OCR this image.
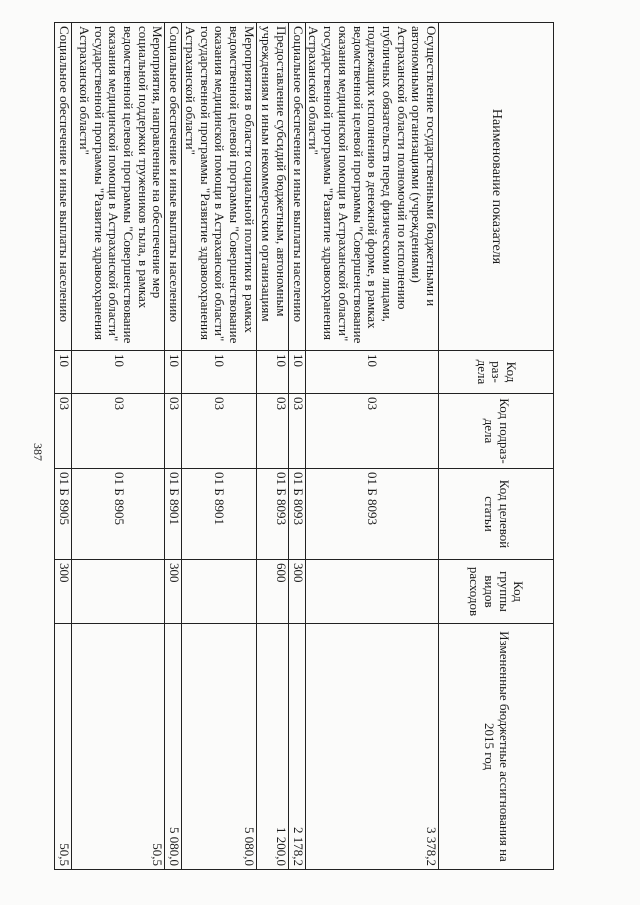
387
Наименование показателя	Код раз-дела	Код подраз-дела	Код целевой статьи	Код группы видов расходов	Измененные бюджетные ассигнования на 2015 год
Осуществление государственными бюджетными и автономными организациями (учреждениями) Астраханской области полномочий по исполнению публичных обязательств перед физическими лицами, подлежащих исполнению в денежной форме, в рамках ведомственной целевой программы "Совершенствование оказания медицинской помощи в Астраханской области" государственной программы "Развитие здравоохранения Астраханской области"	10	03	01 Б 8093		3 378,2
Социальное обеспечение и иные выплаты населению	10	03	01 Б 8093	300	2 178,2
Предоставление субсидий бюджетным, автономным учреждениям и иным некоммерческим организациям	10	03	01 Б 8093	600	1 200,0
Мероприятия в области социальной политики в рамках ведомственной целевой программы "Совершенствование оказания медицинской помощи в Астраханской области" государственной программы "Развитие здравоохранения Астраханской области"	10	03	01 Б 8901		5 080,0
Социальное обеспечение и иные выплаты населению	10	03	01 Б 8901	300	5 080,0
Мероприятия, направленные на обеспечение мер социальной поддержки тружеников тыла, в рамках ведомственной целевой программы "Совершенствование оказания медицинской помощи в Астраханской области" государственной программы "Развитие здравоохранения Астраханской области"	10	03	01 Б 8905		50,5
Социальное обеспечение и иные выплаты населению	10	03	01 Б 8905	300	50,5
